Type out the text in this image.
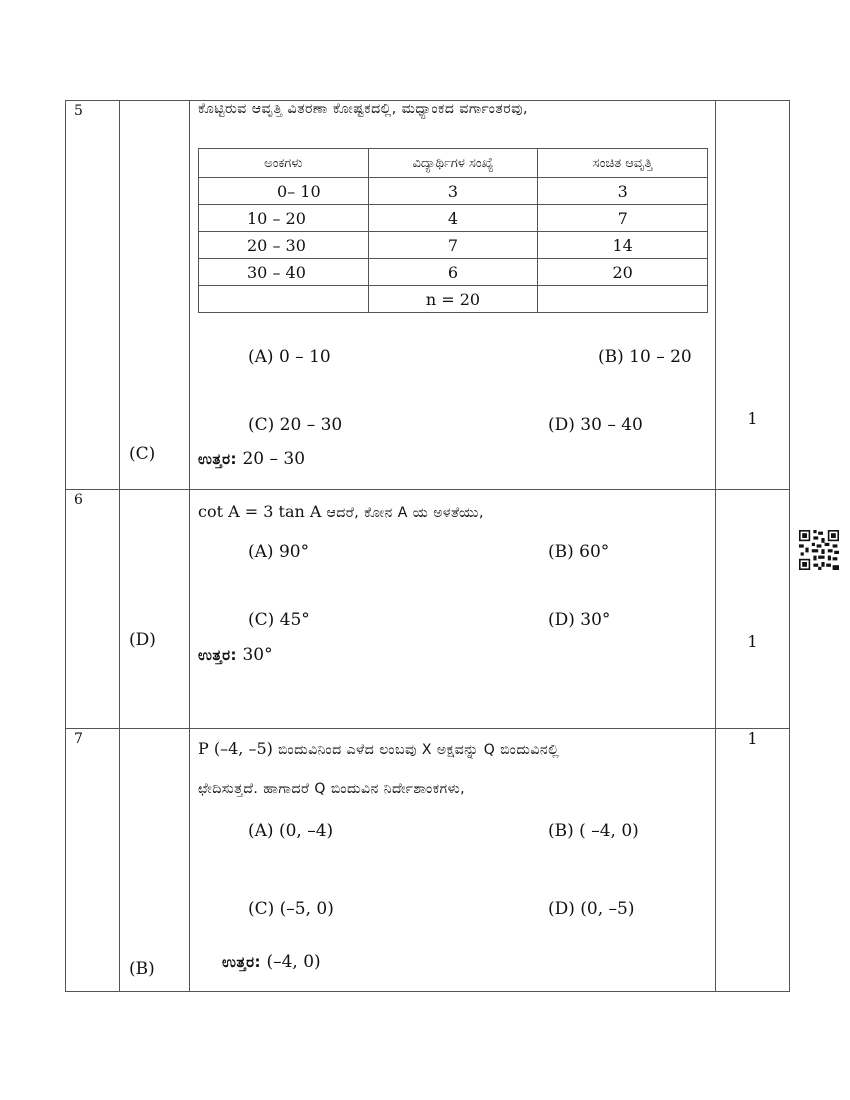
5

(C)

ಕೊಟ್ಟಿರುವ ಆವೃತ್ತಿ ವಿತರಣಾ ಕೋಷ್ಟಕದಲ್ಲಿ, ಮಧ್ಯಾಂಕದ ವರ್ಗಾಂತರವು,
ಅಂಕಗಳು	ವಿದ್ಯಾರ್ಥಿಗಳ ಸಂಖ್ಯೆ	ಸಂಚಿತ ಆವೃತ್ತಿ
0– 10	3	3
10 – 20	4	7
20 – 30	7	14
30 – 40	6	20
	n = 20	
(A) 0 – 10	(B) 10 – 20
(C) 20 – 30	(D) 30 – 40
ಉತ್ತರ: 20 – 30

1

6

(D)

cot A = 3 tan A ಆದರೆ, ಕೋನ A ಯ ಅಳತೆಯು,
(A) 90°	(B) 60°
(C) 45°	(D) 30°
ಉತ್ತರ: 30°

1

7

(B)

P (–4, –5) ಬಿಂದುವಿನಿಂದ ಎಳೆದ ಲಂಬವು X ಅಕ್ಷವನ್ನು Q ಬಿಂದುವಿನಲ್ಲಿ
ಛೇದಿಸುತ್ತದೆ. ಹಾಗಾದರೆ Q ಬಿಂದುವಿನ ನಿರ್ದೇಶಾಂಕಗಳು,
(A) (0, –4)	(B) ( –4, 0)
(C) (–5, 0)	(D) (0, –5)
ಉತ್ತರ: (–4, 0)

1
